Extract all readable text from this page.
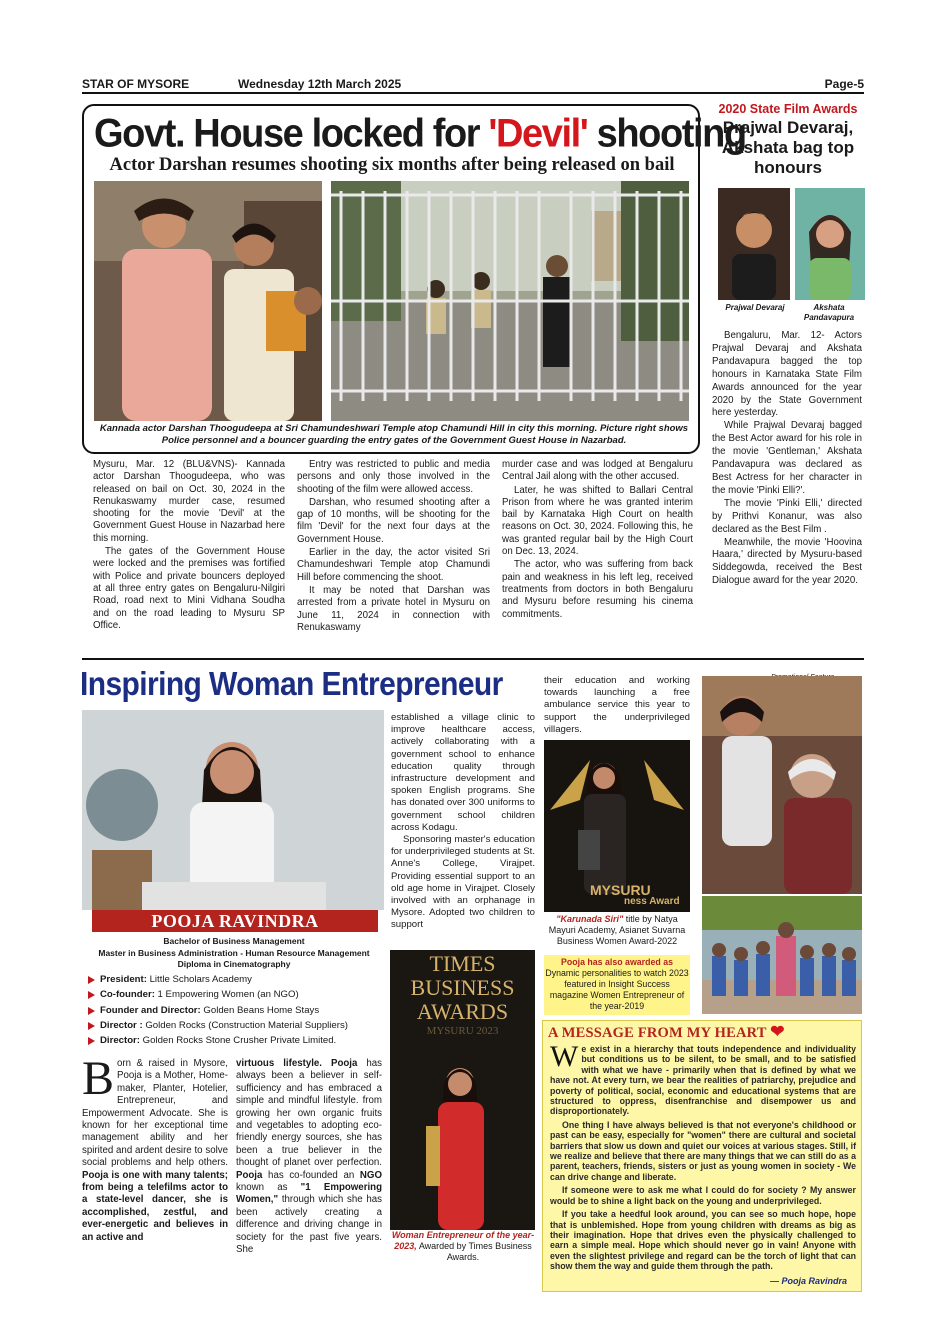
STAR OF MYSORE	Wednesday 12th March 2025	Page-5
Govt. House locked for 'Devil' shooting
Actor Darshan resumes shooting six months after being released on bail
Kannada actor Darshan Thoogudeepa at Sri Chamundeshwari Temple atop Chamundi Hill in city this morning. Picture right shows Police personnel and a bouncer guarding the entry gates of the Government Guest House in Nazarbad.

Mysuru, Mar. 12 (BLU&VNS)- Kannada actor Darshan Thoogudeepa, who was released on bail on Oct. 30, 2024 in the Renukaswamy murder case, resumed shooting for the movie 'Devil' at the Government Guest House in Nazarbad here this morning.

The gates of the Government House were locked and the premises was fortified with Police and private bouncers deployed at all three entry gates on Bengaluru-Nilgiri Road, road next to Mini Vidhana Soudha and on the road leading to Mysuru SP Office.

Entry was restricted to public and media persons and only those involved in the shooting of the film were allowed access.

Darshan, who resumed shooting after a gap of 10 months, will be shooting for the film 'Devil' for the next four days at the Government House.

Earlier in the day, the actor visited Sri Chamundeshwari Temple atop Chamundi Hill before commencing the shoot.

It may be noted that Darshan was arrested from a private hotel in Mysuru on June 11, 2024 in connection with Renukaswamy

murder case and was lodged at Bengaluru Central Jail along with the other accused.

Later, he was shifted to Ballari Central Prison from where he was granted interim bail by Karnataka High Court on health reasons on Oct. 30, 2024. Following this, he was granted regular bail by the High Court on Dec. 13, 2024.

The actor, who was suffering from back pain and weakness in his left leg, received treatments from doctors in both Bengaluru and Mysuru before resuming his cinema commitments.

2020 State Film Awards
Prajwal Devaraj, Akshata bag top honours
Prajwal Devaraj	Akshata Pandavapura

Bengaluru, Mar. 12- Actors Prajwal Devaraj and Akshata Pandavapura bagged the top honours in Karnataka State Film Awards announced for the year 2020 by the State Government here yesterday.

While Prajwal Devaraj bagged the Best Actor award for his role in the movie 'Gentleman,' Akshata Pandavapura was declared as Best Actress for her character in the movie 'Pinki Elli?'.

The movie 'Pinki Elli,' directed by Prithvi Konanur, was also declared as the Best Film .

Meanwhile, the movie 'Hoovina Haara,' directed by Mysuru-based Siddegowda, received the Best Dialogue award for the year 2020.

Inspiring Woman Entrepreneur
POOJA RAVINDRA
Bachelor of Business Management
Master in Business Administration - Human Resource Management
Diploma in Cinematography
President: Little Scholars Academy
Co-founder: 1 Empowering Women (an NGO)
Founder and Director: Golden Beans Home Stays
Director : Golden Rocks (Construction Material Suppliers)
Director: Golden Rocks Stone Crusher Private Limited.
Born & raised in Mysore, Pooja is a Mother, Home-maker, Planter, Hotelier, Entrepreneur, and Empowerment Advocate. She is known for her exceptional time management ability and her spirited and ardent desire to solve social problems and help others. Pooja is one with many talents; from being a telefilms actor to a state-level dancer, she is accomplished, zestful, and ever-energetic and believes in an active and
virtuous lifestyle. Pooja has always been a believer in self-sufficiency and has embraced a simple and mindful lifestyle. from growing her own organic fruits and vegetables to adopting eco-friendly energy sources, she has been a true believer in the thought of planet over perfection. Pooja has co-founded an NGO known as "1 Empowering Women," through which she has been actively creating a difference and driving change in society for the past five years. She

established a village clinic to improve healthcare access, actively collaborating with a government school to enhance education quality through infrastructure development and spoken English programs. She has donated over 300 uniforms to government school children across Kodagu.

Sponsoring master's education for underprivileged students at St. Anne's College, Virajpet. Providing essential support to an old age home in Virajpet. Closely involved with an orphanage in Mysore. Adopted two children to support

TIMES
BUSINESS
AWARDS
MYSURU 2023
Woman Entrepreneur of the year-2023, Awarded by Times Business Awards.
their education and working towards launching a free ambulance service this year to support the underprivileged villagers.
MYSURU
ness Award
"Karunada Siri" title by Natya Mayuri Academy, Asianet Suvarna Business Women Award-2022
Pooja has also awarded as
Dynamic personalities to watch 2023 featured in Insight Success magazine Women Entrepreneur of the year-2019
A MESSAGE FROM MY HEART ❤

We exist in a hierarchy that touts independence and individuality but conditions us to be silent, to be small, and to be satisfied with what we have - primarily when that is defined by what we have not. At every turn, we bear the realities of patriarchy, prejudice and poverty of political, social, economic and educational systems that are structured to oppress, disenfranchise and disempower us and disproportionately.

One thing I have always believed is that not everyone's childhood or past can be easy, especially for "women" there are cultural and societal barriers that slow us down and quiet our voices at various stages. Still, if we realize and believe that there are many things that we can still do as a parent, teachers, friends, sisters or just as young women in society - We can drive change and liberate.

If someone were to ask me what I could do for society ? My answer would be to shine a light back on the young and underprivileged.

If you take a heedful look around, you can see so much hope, hope that is unblemished. Hope from young children with dreams as big as their imagination. Hope that drives even the physically challenged to earn a simple meal. Hope which should never go in vain! Anyone with even the slightest privilege and regard can be the torch of light that can show them the way and guide them through the path.

— Pooja Ravindra
